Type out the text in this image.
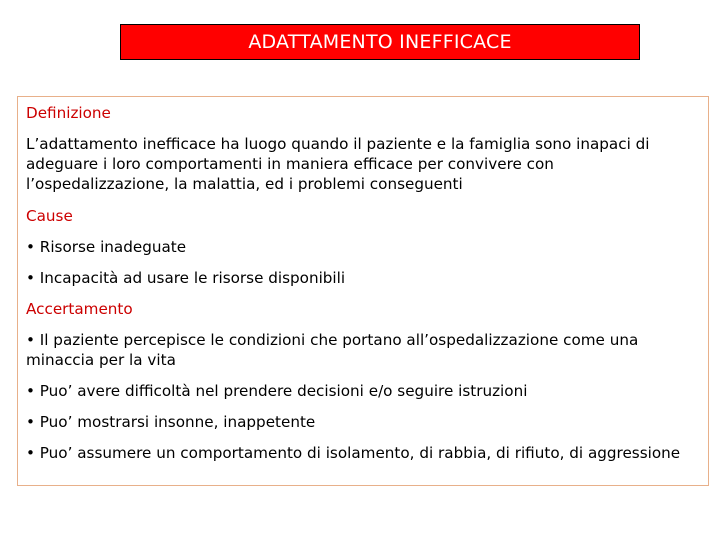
ADATTAMENTO INEFFICACE
Definizione
L’adattamento inefficace ha luogo quando il paziente e la famiglia sono inapaci di adeguare i loro comportamenti in maniera efficace per convivere con l’ospedalizzazione, la malattia, ed i problemi conseguenti
Cause
• Risorse inadeguate
• Incapacità ad usare le risorse disponibili
Accertamento
• Il paziente percepisce le condizioni che portano all’ospedalizzazione come una minaccia per la vita
• Puo’ avere difficoltà nel prendere decisioni e/o seguire istruzioni
• Puo’ mostrarsi insonne, inappetente
• Puo’ assumere un comportamento di isolamento, di rabbia, di rifiuto, di aggressione
